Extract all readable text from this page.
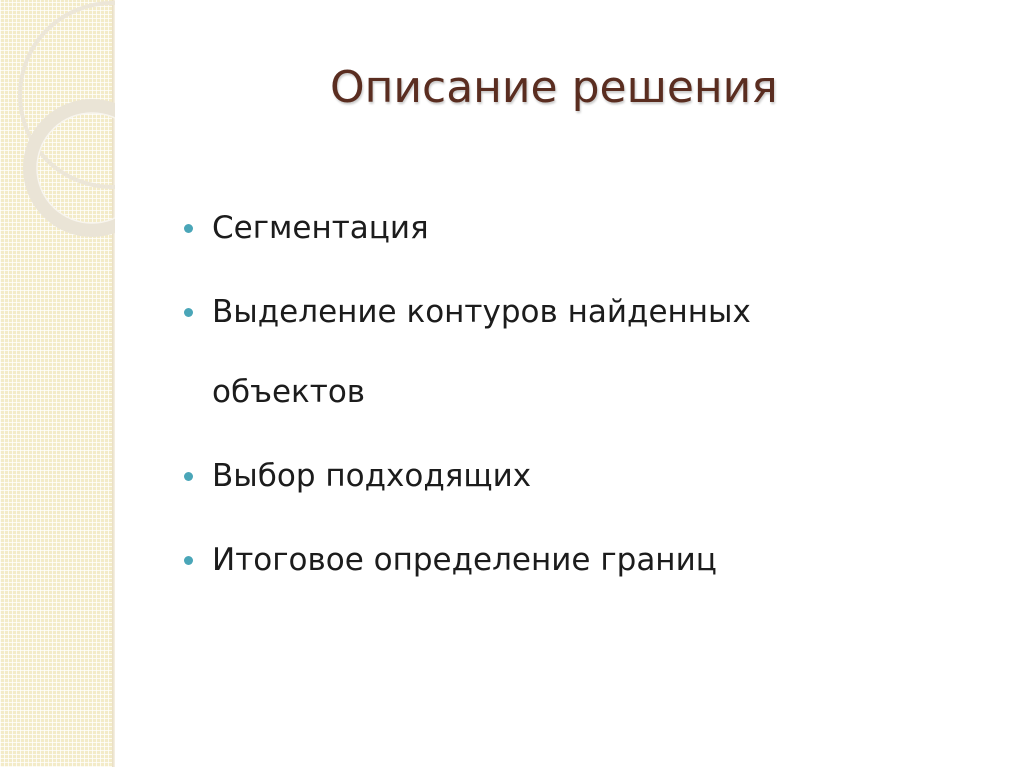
Описание решения
Сегментация
Выделение контуров найденных объектов
Выбор подходящих
Итоговое определение границ
